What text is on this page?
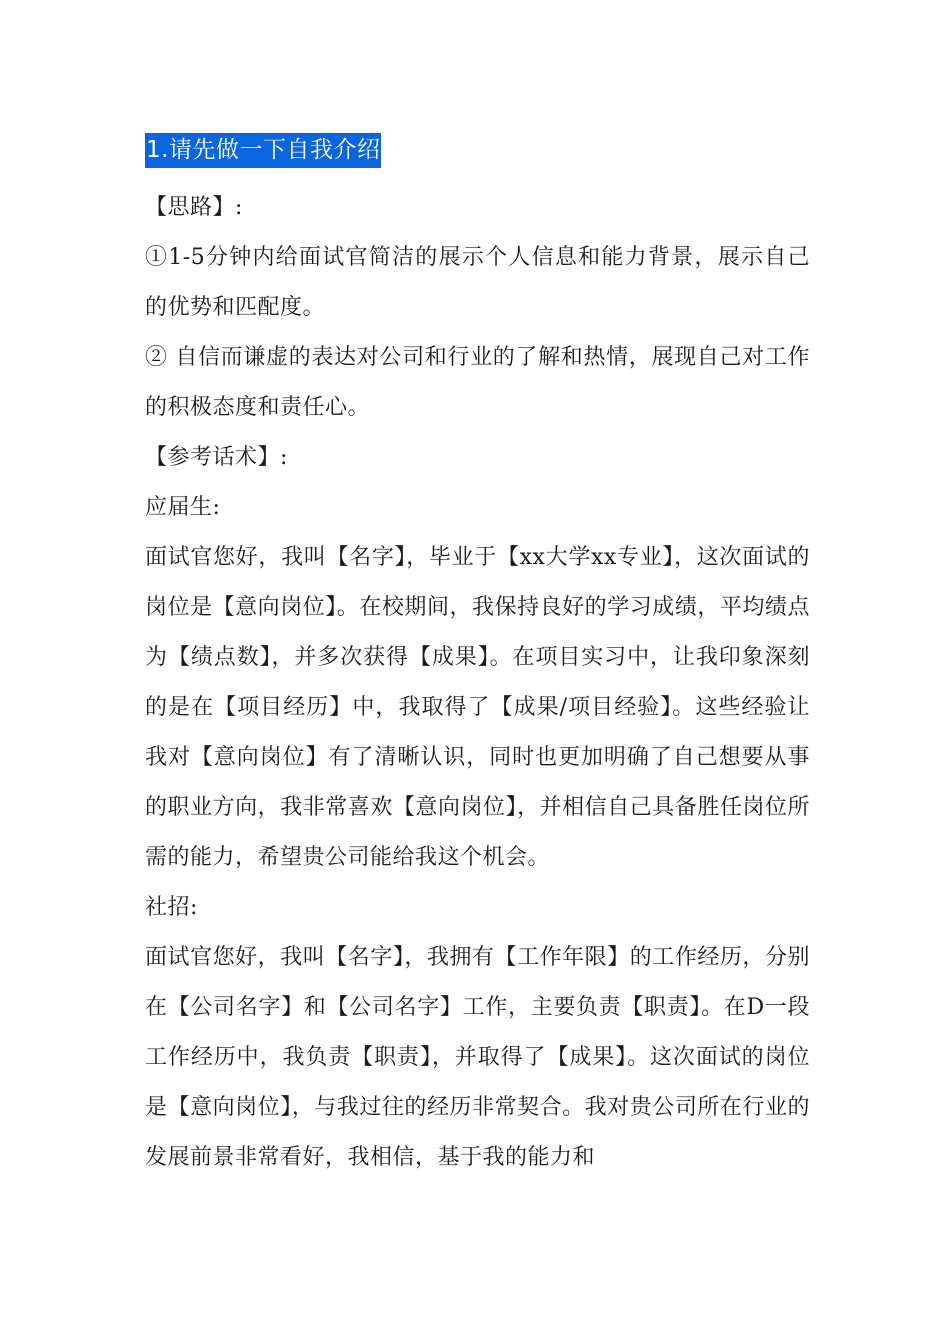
1.请先做一下自我介绍

【思路】:

①1-5分钟内给面试官简洁的展示个人信息和能力背景，展示自己的优势和匹配度。

② 自信而谦虚的表达对公司和行业的了解和热情，展现自己对工作的积极态度和责任心。

【参考话术】:

应届生:

面试官您好，我叫【名字】，毕业于【xx大学xx专业】，这次面试的岗位是【意向岗位】。在校期间，我保持良好的学习成绩，平均绩点为【绩点数】，并多次获得【成果】。在项目实习中，让我印象深刻的是在【项目经历】中，我取得了【成果/项目经验】。这些经验让我对【意向岗位】有了清晰认识，同时也更加明确了自己想要从事的职业方向，我非常喜欢【意向岗位】，并相信自己具备胜任岗位所需的能力，希望贵公司能给我这个机会。

社招:

面试官您好，我叫【名字】，我拥有【工作年限】的工作经历，分别在【公司名字】和【公司名字】工作，主要负责【职责】。在D一段工作经历中，我负责【职责】，并取得了【成果】。这次面试的岗位是【意向岗位】，与我过往的经历非常契合。我对贵公司所在行业的发展前景非常看好，我相信，基于我的能力和
